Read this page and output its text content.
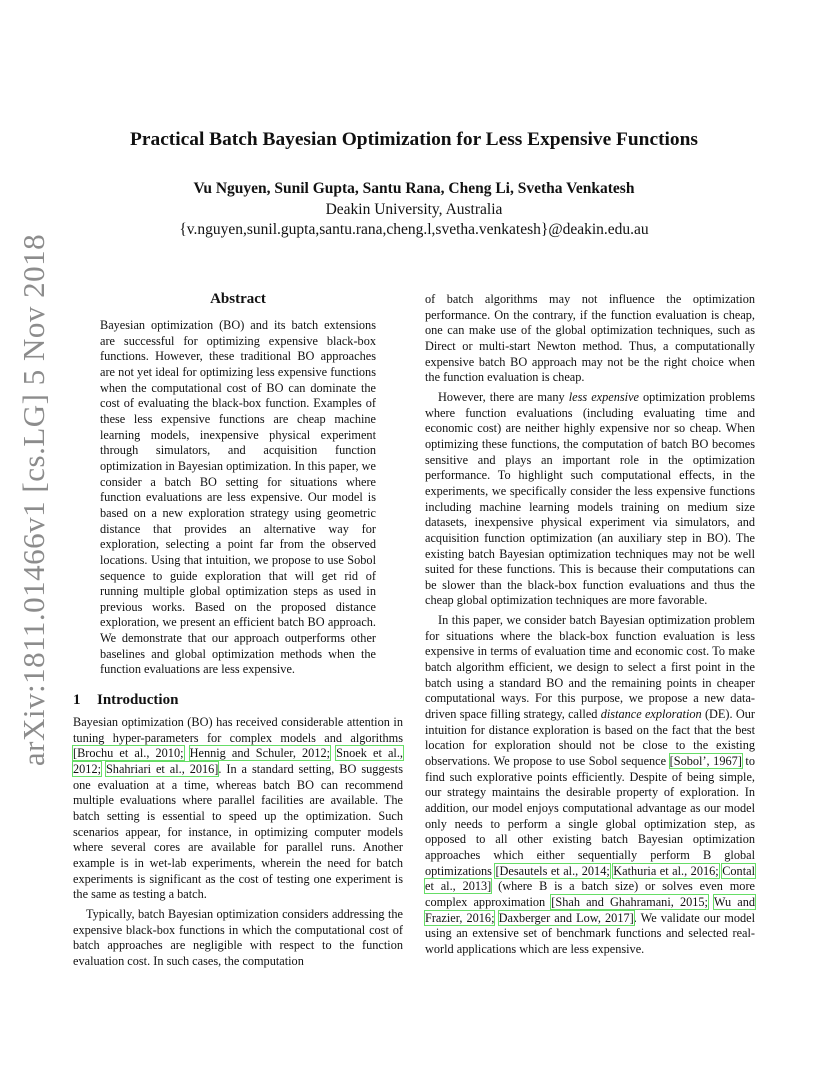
arXiv:1811.01466v1 [cs.LG] 5 Nov 2018
Practical Batch Bayesian Optimization for Less Expensive Functions
Vu Nguyen, Sunil Gupta, Santu Rana, Cheng Li, Svetha Venkatesh
Deakin University, Australia
{v.nguyen,sunil.gupta,santu.rana,cheng.l,svetha.venkatesh}@deakin.edu.au
Abstract

Bayesian optimization (BO) and its batch extensions are successful for optimizing expensive black-box functions. However, these traditional BO approaches are not yet ideal for optimizing less expensive functions when the computational cost of BO can dominate the cost of evaluating the black-box function. Examples of these less expensive functions are cheap machine learning models, inexpensive physical experiment through simulators, and acquisition function optimization in Bayesian optimization. In this paper, we consider a batch BO setting for situations where function evaluations are less expensive. Our model is based on a new exploration strategy using geometric distance that provides an alternative way for exploration, selecting a point far from the observed locations. Using that intuition, we propose to use Sobol sequence to guide exploration that will get rid of running multiple global optimization steps as used in previous works. Based on the proposed distance exploration, we present an efficient batch BO approach. We demonstrate that our approach outperforms other baselines and global optimization methods when the function evaluations are less expensive.

1 Introduction

Bayesian optimization (BO) has received considerable attention in tuning hyper-parameters for complex models and algorithms [Brochu et al., 2010; Hennig and Schuler, 2012; Snoek et al., 2012; Shahriari et al., 2016]. In a standard setting, BO suggests one evaluation at a time, whereas batch BO can recommend multiple evaluations where parallel facilities are available. The batch setting is essential to speed up the optimization. Such scenarios appear, for instance, in optimizing computer models where several cores are available for parallel runs. Another example is in wet-lab experiments, wherein the need for batch experiments is significant as the cost of testing one experiment is the same as testing a batch.

Typically, batch Bayesian optimization considers addressing the expensive black-box functions in which the computational cost of batch approaches are negligible with respect to the function evaluation cost. In such cases, the computation

of batch algorithms may not influence the optimization performance. On the contrary, if the function evaluation is cheap, one can make use of the global optimization techniques, such as Direct or multi-start Newton method. Thus, a computationally expensive batch BO approach may not be the right choice when the function evaluation is cheap.

However, there are many less expensive optimization problems where function evaluations (including evaluating time and economic cost) are neither highly expensive nor so cheap. When optimizing these functions, the computation of batch BO becomes sensitive and plays an important role in the optimization performance. To highlight such computational effects, in the experiments, we specifically consider the less expensive functions including machine learning models training on medium size datasets, inexpensive physical experiment via simulators, and acquisition function optimization (an auxiliary step in BO). The existing batch Bayesian optimization techniques may not be well suited for these functions. This is because their computations can be slower than the black-box function evaluations and thus the cheap global optimization techniques are more favorable.

In this paper, we consider batch Bayesian optimization problem for situations where the black-box function evaluation is less expensive in terms of evaluation time and economic cost. To make batch algorithm efficient, we design to select a first point in the batch using a standard BO and the remaining points in cheaper computational ways. For this purpose, we propose a new data-driven space filling strategy, called distance exploration (DE). Our intuition for distance exploration is based on the fact that the best location for exploration should not be close to the existing observations. We propose to use Sobol sequence [Sobol’, 1967] to find such explorative points efficiently. Despite of being simple, our strategy maintains the desirable property of exploration. In addition, our model enjoys computational advantage as our model only needs to perform a single global optimization step, as opposed to all other existing batch Bayesian optimization approaches which either sequentially perform B global optimizations [Desautels et al., 2014; Kathuria et al., 2016; Contal et al., 2013] (where B is a batch size) or solves even more complex approximation [Shah and Ghahramani, 2015; Wu and Frazier, 2016; Daxberger and Low, 2017]. We validate our model using an extensive set of benchmark functions and selected real-world applications which are less expensive.
